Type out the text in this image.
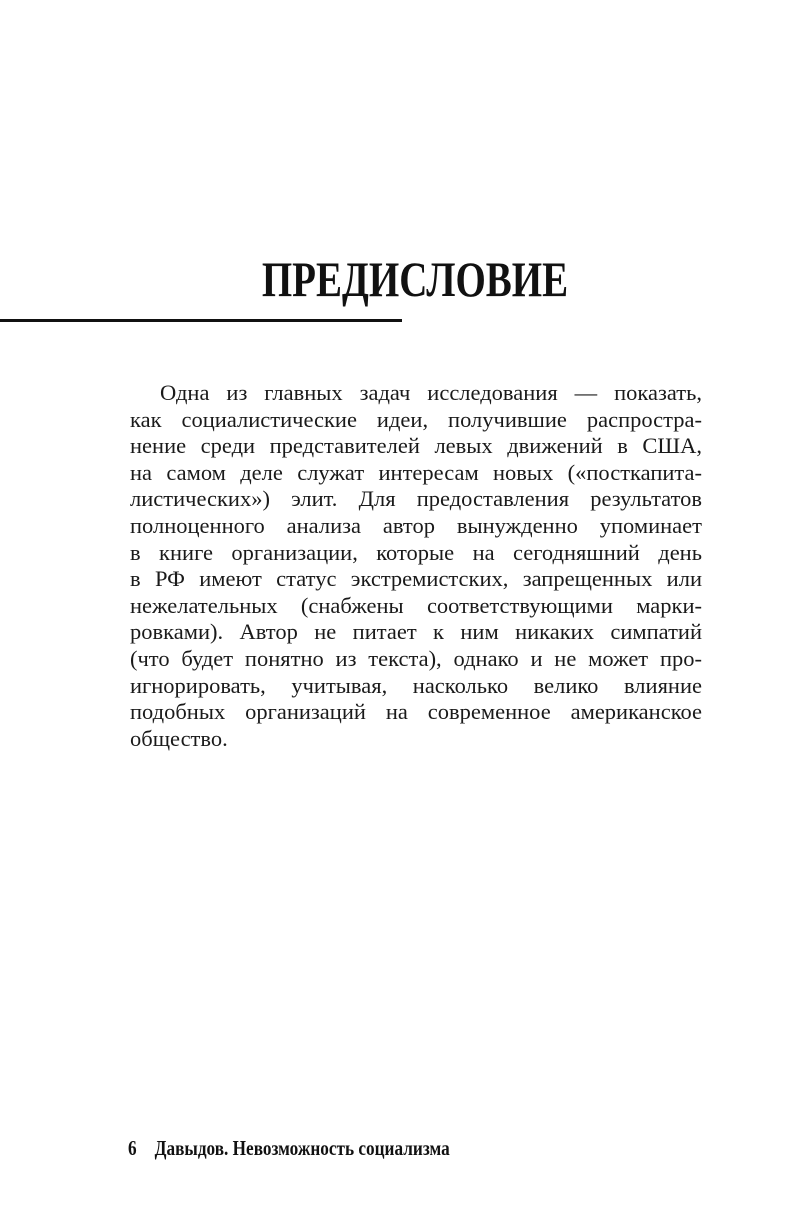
ПРЕДИСЛОВИЕ
Одна из главных задач исследования — показать,
как социалистические идеи, получившие распростра-
нение среди представителей левых движений в США,
на самом деле служат интересам новых («посткапита-
листических») элит. Для предоставления результатов
полноценного анализа автор вынужденно упоминает
в книге организации, которые на сегодняшний день
в РФ имеют статус экстремистских, запрещенных или
нежелательных (снабжены соответствующими марки-
ровками). Автор не питает к ним никаких симпатий
(что будет понятно из текста), однако и не может про-
игнорировать, учитывая, насколько велико влияние
подобных организаций на современное американское
общество.
6 Давыдов. Невозможность социализма
